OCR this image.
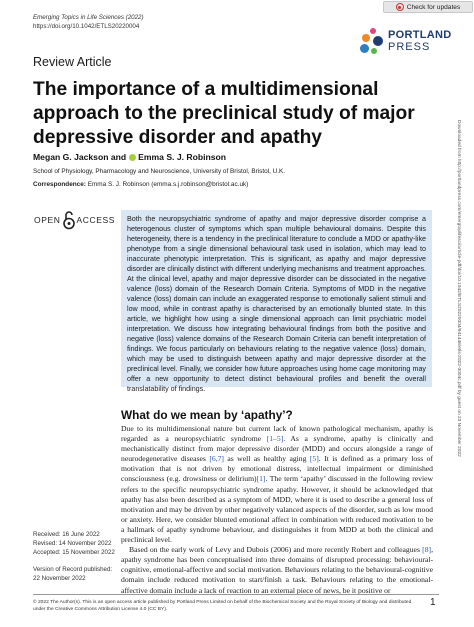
Emerging Topics in Life Sciences (2022)
https://doi.org/10.1042/ETLS20220004
Check for updates
PORTLAND
PRESS
Review Article
The importance of a multidimensional approach to the preclinical study of major depressive disorder and apathy
Megan G. Jackson and Emma S. J. Robinson
School of Physiology, Pharmacology and Neuroscience, University of Bristol, Bristol, U.K.
Correspondence: Emma S. J. Robinson (emma.s.j.robinson@bristol.ac.uk)
OPEN ACCESS	Both the neuropsychiatric syndrome of apathy and major depressive disorder comprise a heterogenous cluster of symptoms which span multiple behavioural domains. Despite this heterogeneity, there is a tendency in the preclinical literature to conclude a MDD or apathy-like phenotype from a single dimensional behavioural task used in isolation, which may lead to inaccurate phenotypic interpretation. This is significant, as apathy and major depressive disorder are clinically distinct with different underlying mechanisms and treatment approaches. At the clinical level, apathy and major depressive disorder can be dissociated in the negative valence (loss) domain of the Research Domain Criteria. Symptoms of MDD in the negative valence (loss) domain can include an exaggerated response to emotionally salient stimuli and low mood, while in contrast apathy is characterised by an emotionally blunted state. In this article, we highlight how using a single dimensional approach can limit psychiatric model interpretation. We discuss how integrating behavioural findings from both the positive and negative (loss) valence domains of the Research Domain Criteria can benefit interpretation of findings. We focus particularly on behaviours relating to the negative valence (loss) domain, which may be used to distinguish between apathy and major depressive disorder at the preclinical level. Finally, we consider how future approaches using home cage monitoring may offer a new opportunity to detect distinct behavioural profiles and benefit the overall translatability of findings.	Downloaded from http://portlandpress.com/emergtoplifesci/article-pdf/doi/10.1042/ETLS20220004/941446/etls-2022-0004c.pdf by guest on 23 November 2022
What do we mean by ‘apathy’?

Due to its multidimensional nature but current lack of known pathological mechanism, apathy is regarded as a neuropsychiatric syndrome [1–5]. As a syndrome, apathy is clinically and mechanistically distinct from major depressive disorder (MDD) and occurs alongside a range of neurodegenerative diseases [6,7] as well as healthy aging [5]. It is defined as a primary loss of motivation that is not driven by emotional distress, intellectual impairment or diminished consciousness (e.g. drowsiness or delirium)[1]. The term ‘apathy’ discussed in the following review refers to the specific neuropsychiatric syndrome apathy. However, it should be acknowledged that apathy has also been described as a symptom of MDD, where it is used to describe a general loss of motivation and may be driven by other negatively valanced aspects of the disorder, such as low mood or anxiety. Here, we consider blunted emotional affect in combination with reduced motivation to be a hallmark of apathy syndrome behaviour, and distinguishes it from MDD at both the clinical and preclinical level.

Based on the early work of Levy and Dubois (2006) and more recently Robert and colleagues [8], apathy syndrome has been conceptualised into three domains of disrupted processing: behavioural-cognitive, emotional-affective and social motivation. Behaviours relating to the behavioural-cognitive domain include reduced motivation to start/finish a task. Behaviours relating to the emotional-affective domain include a lack of reaction to an external piece of news, be it positive or

Received: 16 June 2022
Revised: 14 November 2022
Accepted: 15 November 2022
Version of Record published:
22 November 2022
© 2022 The Author(s). This is an open access article published by Portland Press Limited on behalf of the Biochemical Society and the Royal Society of Biology and distributed under the Creative Commons Attribution License 4.0 (CC BY).
1
